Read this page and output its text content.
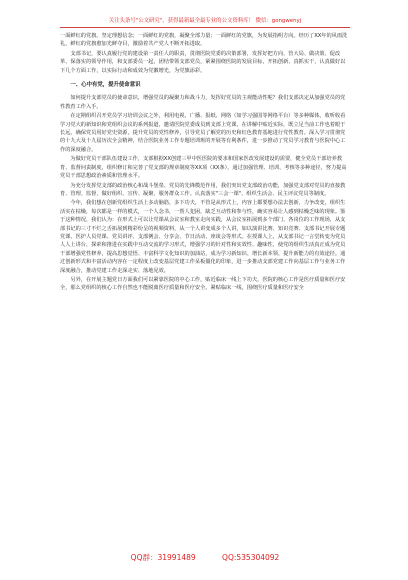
关注头条号"公文研究"，获得最新最全最专业的公文资料库！ 微信：gongwenyj

一面鲜红的党旗。坚定理想信念；一面鲜红的党旗，凝聚全部力量；一面鲜红的党旗，为发展指明方向。经历了XX年的风雨洗礼，鲜红的党旗愈加光鲜夺目，激励着共产党人不断开拓进取。

支部书记，要认真履行党的建设第一责任人的职责，贯彻医院党委的决策部署，发挥好把方向、管大局、做决策、促改革、保落实的领导作用，和支部委员一起，团结带领支部党员，紧紧围绕医院的发展目标，开拓创新、真抓实干，认真做好以下几个方面工作，以实际行动和成效为党徽增光，为党旗添彩。

一、心中有党，提升使命意识

如何提升支部党员的使命意识，增强党员的凝聚力和战斗力，发挥好党员的主观能动性呢？我们支部决定从加强党员的党性教育工作入手。

在定期组织召开党员学习培训会议之外，利用电视、广播、报纸、网络（如学习强国等网络平台）等多种媒体，收听收看学习党大的新知识和党组织会议的系列报道，邀请医院党委成员到支部上党课，在讲解中贴近实际，既立足当前工作也着眼于长远，确保党员用好党史资源，提升党员的党性修养，引导党员了解党的历史和红色教育基地进行党性教育。深入学习贯彻党的十九大及十九届历次全会精神，结合医院业务工作专题培训班的开展等有利条件，进一步推动了党员学习教育与医院中心工作的深度融合。

为做好党员干部队伍建设工作，支部根据XX创建三甲中医医院的要求和国家医改发展建设的需要，健全党员干部培养教育、监督问责制度，组织修订和完善了党支部的规章制度等XX项（XX条），通过加强管理、培训、考核等多种途径，努力提高党员干部思想政治素质和管理水平。

为充分发挥党支部的政治核心和战斗堡垒、党员的先锋模范作用，我们突出党支部政治功能，加强党支部对党员的直接教育、管理、监督，做好组织、宣传、凝聚、服务群众工作。认真落实"三会一课"、组织生活会、民主评议党员等制度。

今年，我们想在创新党组织生活上多动脑筋，多下功夫，不管是从形式上，内容上都要想办法去创新，力争改变，组织生活实在枯燥，每次都是一样的模式，一个人念书，一帮人犯困，缺乏互动性和参与性，确实容易让人感到枯燥乏味的现象。鉴于这种情况，我们认为：在形式上可以让党课从会议室和教室走向实践，从会议室拓展到多个部门、各岗位的工作现场，从支部书记的三寸不烂之舌拓展到精彩纷呈的视频资料，从一个人讲变成多个人讲，如以演讲比赛、知识竞赛、支部书记开展专题党课、医护人员党课、党员讲评、支部例会、分享会、节日活动、座谈会等形式。在授课人上，从支部书记一言堂转变为党员人人上讲台，探索和推进在实践中互动交流的学习形式，增强学习的针对性和实效性、趣味性，使党的组织生活真正成为党员干部增强党性修养，提高思想觉悟、丰富科学文化知识的加油站，成为学习新知识、增长新本领、提升新能力的有效途径。通过创新形式和丰富活动内容在一定程度上改变基层党建工作呆板僵化的印象，进一步推动支部党建工作向基层工作与业务工作深度融合，推动党建工作走深走实、落地见效。

另外，在开展主题党日方面我们可以紧靠医院的中心工作，贴近临床一线上下功夫，医院的核心工作是医疗质量和医疗安全，那么党组织的核心工作自然也不能脱离医疗质量和医疗安全。紧贴临床一线，围绕医疗质量和医疗安全

QQ群：31991489	QQ:535304092
